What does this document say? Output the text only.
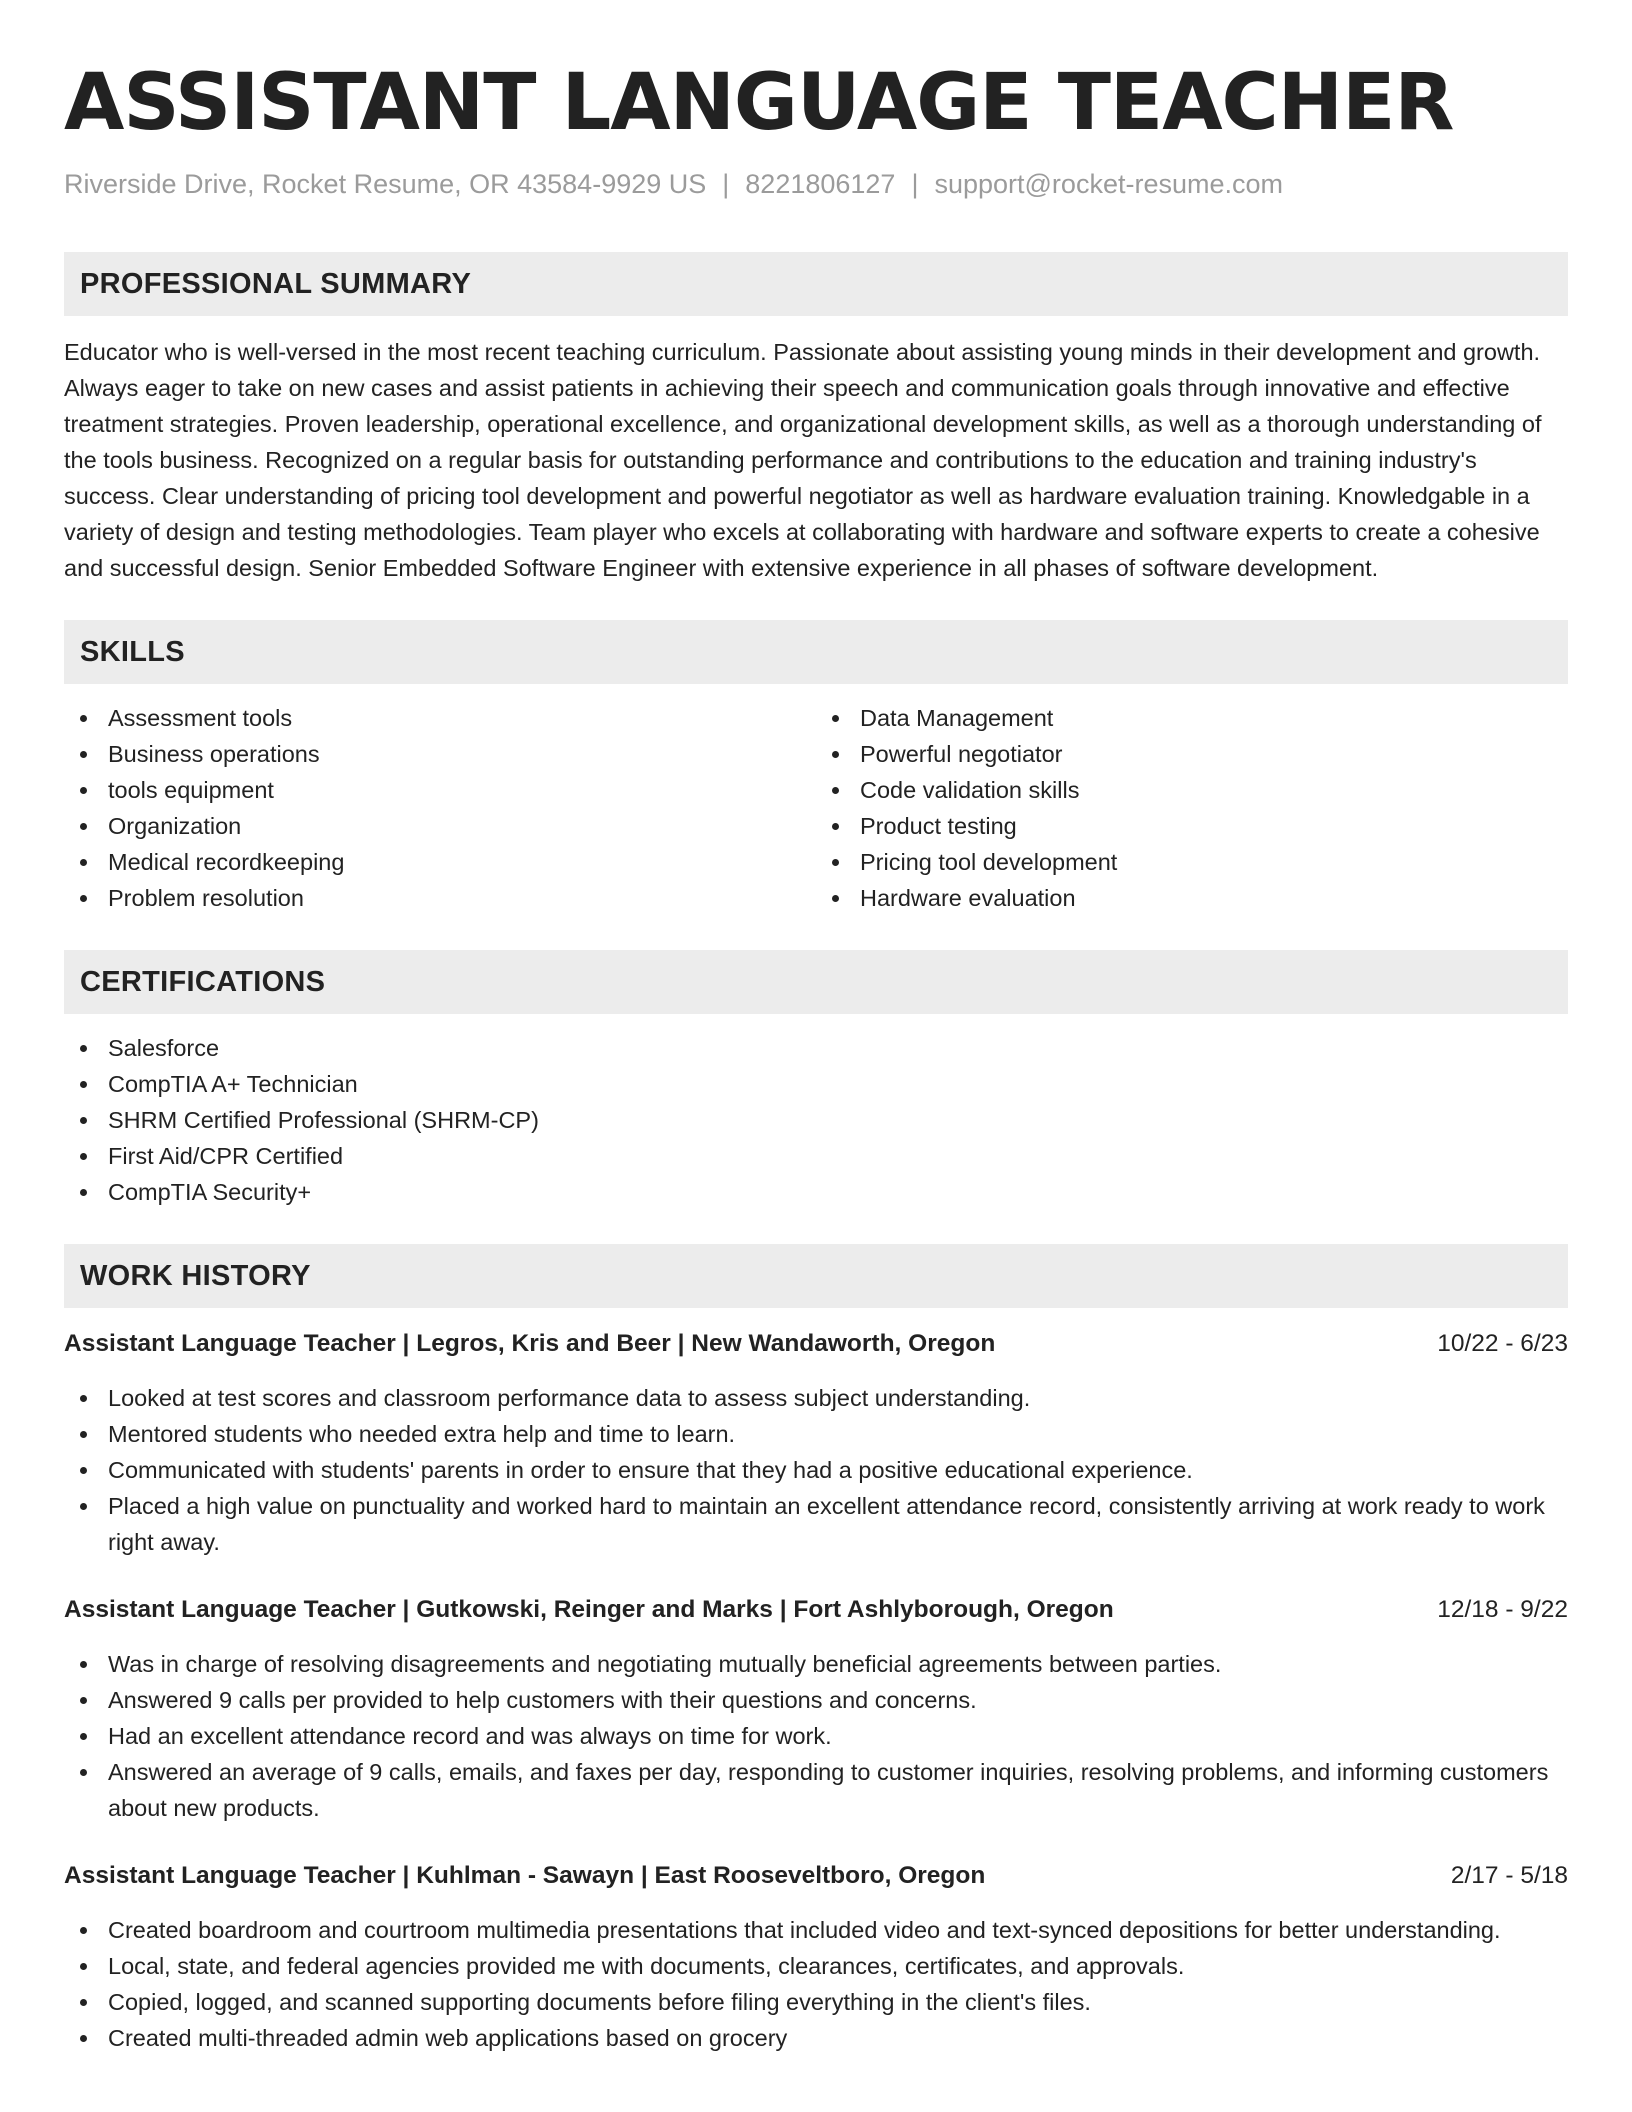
ASSISTANT LANGUAGE TEACHER
Riverside Drive, Rocket Resume, OR 43584-9929 US | 8221806127 | support@rocket-resume.com
PROFESSIONAL SUMMARY

Educator who is well-versed in the most recent teaching curriculum. Passionate about assisting young minds in their development and growth. Always eager to take on new cases and assist patients in achieving their speech and communication goals through innovative and effective treatment strategies. Proven leadership, operational excellence, and organizational development skills, as well as a thorough understanding of the tools business. Recognized on a regular basis for outstanding performance and contributions to the education and training industry's success. Clear understanding of pricing tool development and powerful negotiator as well as hardware evaluation training. Knowledgable in a variety of design and testing methodologies. Team player who excels at collaborating with hardware and software experts to create a cohesive and successful design. Senior Embedded Software Engineer with extensive experience in all phases of software development.

SKILLS
Assessment tools
Business operations
tools equipment
Organization
Medical recordkeeping
Problem resolution
Data Management
Powerful negotiator
Code validation skills
Product testing
Pricing tool development
Hardware evaluation
CERTIFICATIONS
Salesforce
CompTIA A+ Technician
SHRM Certified Professional (SHRM-CP)
First Aid/CPR Certified
CompTIA Security+
WORK HISTORY
Assistant Language Teacher | Legros, Kris and Beer | New Wandaworth, Oregon	10/22 - 6/23
Looked at test scores and classroom performance data to assess subject understanding.
Mentored students who needed extra help and time to learn.
Communicated with students' parents in order to ensure that they had a positive educational experience.
Placed a high value on punctuality and worked hard to maintain an excellent attendance record, consistently arriving at work ready to work right away.
Assistant Language Teacher | Gutkowski, Reinger and Marks | Fort Ashlyborough, Oregon	12/18 - 9/22
Was in charge of resolving disagreements and negotiating mutually beneficial agreements between parties.
Answered 9 calls per provided to help customers with their questions and concerns.
Had an excellent attendance record and was always on time for work.
Answered an average of 9 calls, emails, and faxes per day, responding to customer inquiries, resolving problems, and informing customers about new products.
Assistant Language Teacher | Kuhlman - Sawayn | East Rooseveltboro, Oregon	2/17 - 5/18
Created boardroom and courtroom multimedia presentations that included video and text-synced depositions for better understanding.
Local, state, and federal agencies provided me with documents, clearances, certificates, and approvals.
Copied, logged, and scanned supporting documents before filing everything in the client's files.
Created multi-threaded admin web applications based on grocery
